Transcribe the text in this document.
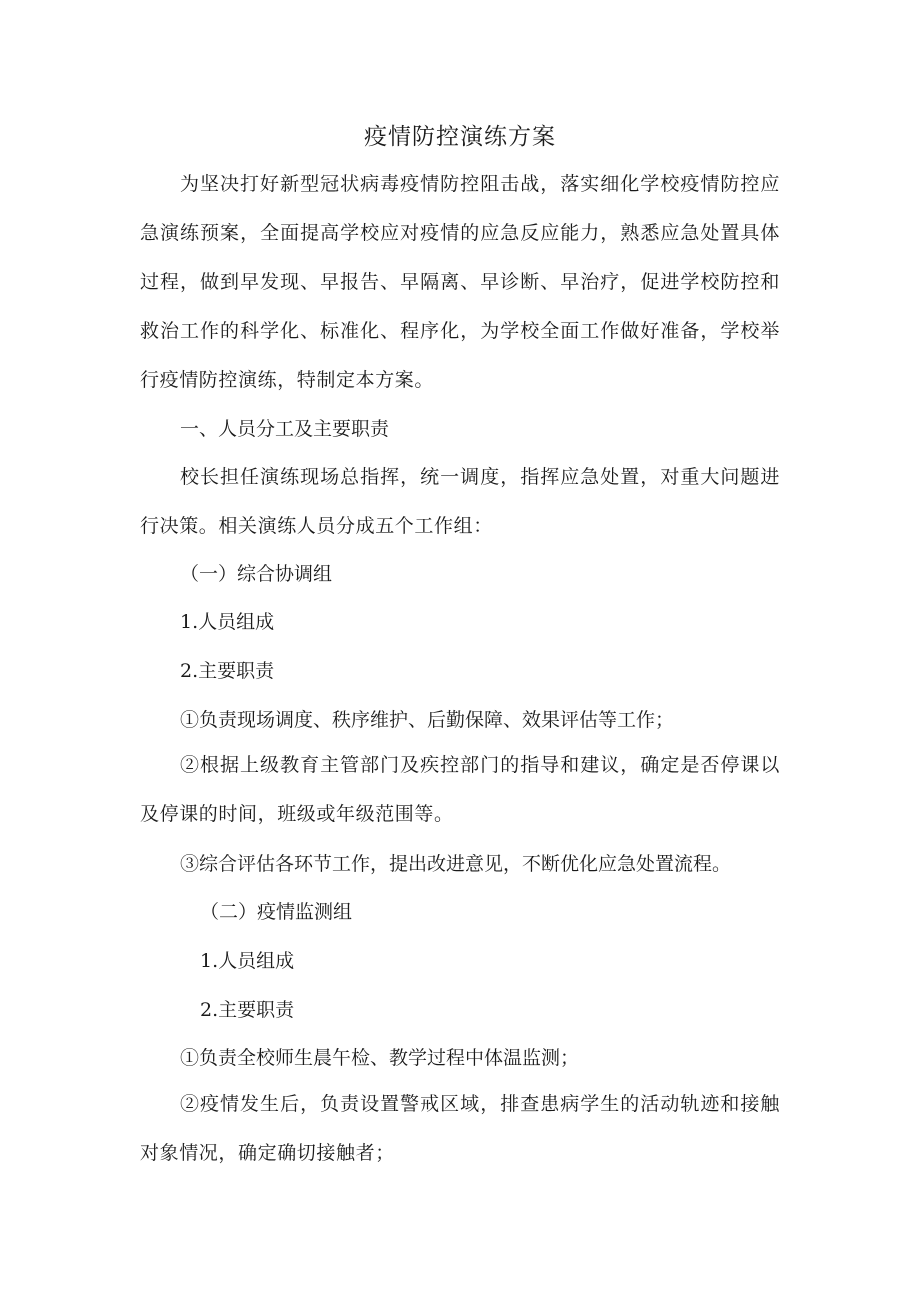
疫情防控演练方案
为坚决打好新型冠状病毒疫情防控阻击战，落实细化学校疫情防控应急演练预案，全面提高学校应对疫情的应急反应能力，熟悉应急处置具体过程，做到早发现、早报告、早隔离、早诊断、早治疗，促进学校防控和救治工作的科学化、标准化、程序化，为学校全面工作做好准备，学校举行疫情防控演练，特制定本方案。
一、人员分工及主要职责
校长担任演练现场总指挥，统一调度，指挥应急处置，对重大问题进行决策。相关演练人员分成五个工作组：
（一）综合协调组
1.人员组成
2.主要职责
①负责现场调度、秩序维护、后勤保障、效果评估等工作；
②根据上级教育主管部门及疾控部门的指导和建议，确定是否停课以及停课的时间，班级或年级范围等。
③综合评估各环节工作，提出改进意见，不断优化应急处置流程。
（二）疫情监测组
1.人员组成
2.主要职责
①负责全校师生晨午检、教学过程中体温监测；
②疫情发生后，负责设置警戒区域，排查患病学生的活动轨迹和接触对象情况，确定确切接触者；
